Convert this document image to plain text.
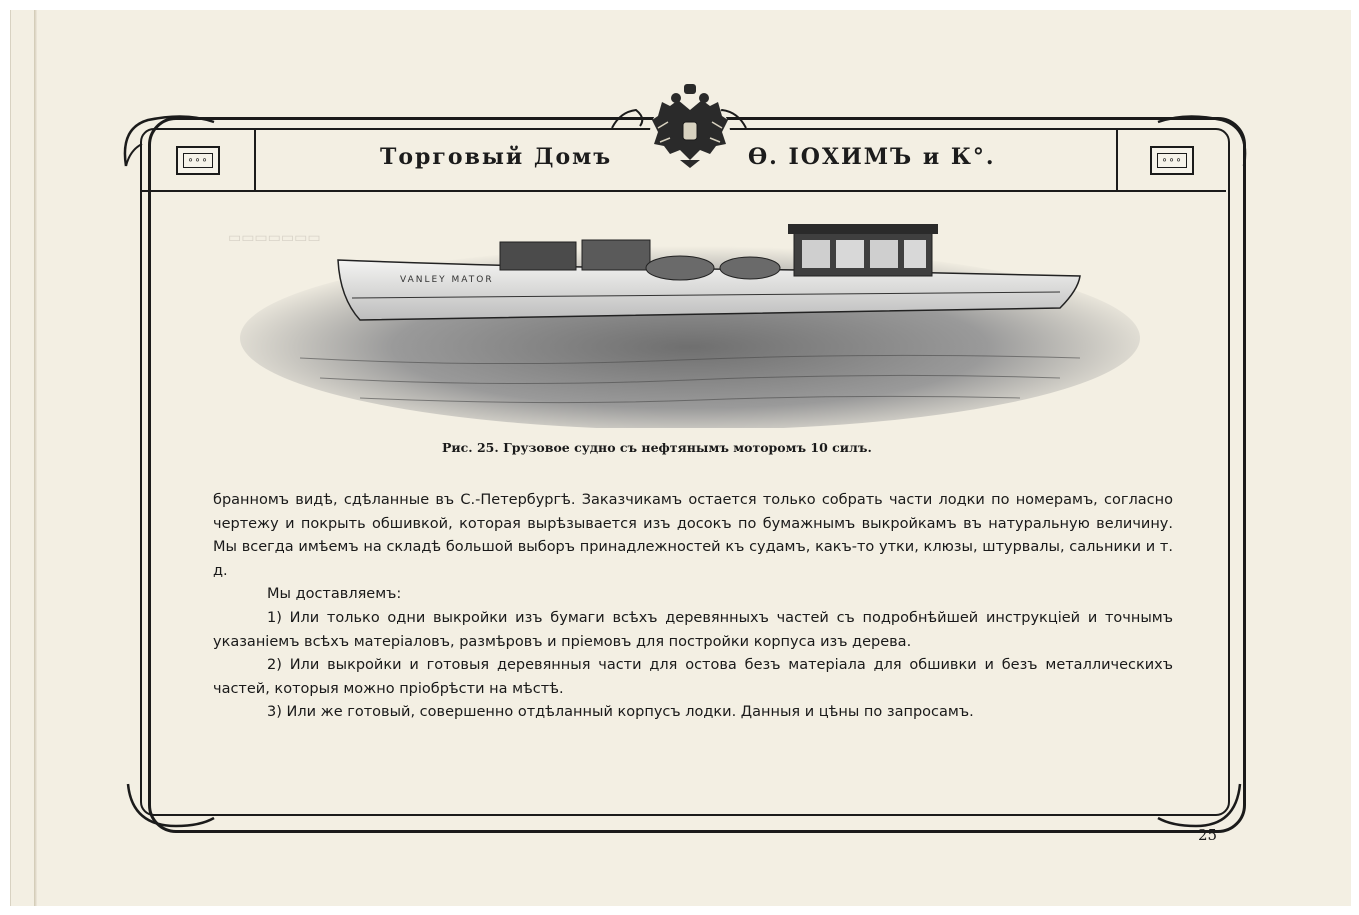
▭▭▭▭▭▭▭
∘∘∘	∘∘∘
Торговый Домъ	Ѳ. IОХИМЪ и К°.
VANLEY MATOR
Рис. 25. Грузовое судно съ нефтянымъ моторомъ 10 силъ.

бранномъ видѣ, сдѣланные въ С.-Петербургѣ. Заказчикамъ остается только собрать части лодки по номерамъ, согласно чертежу и покрыть обшивкой, которая вырѣзывается изъ досокъ по бумажнымъ выкройкамъ въ натуральную величину. Мы всегда имѣемъ на складѣ большой выборъ принадлежностей къ судамъ, какъ-то утки, клюзы, штурвалы, сальники и т. д.

Мы доставляемъ:

1) Или только одни выкройки изъ бумаги всѣхъ деревянныхъ частей съ подробнѣйшей инструкціей и точнымъ указаніемъ всѣхъ матеріаловъ, размѣровъ и пріемовъ для постройки корпуса изъ дерева.

2) Или выкройки и готовыя деревянныя части для остова безъ матеріала для обшивки и безъ металлическихъ частей, которыя можно пріобрѣсти на мѣстѣ.

3) Или же готовый, совершенно отдѣланный корпусъ лодки. Данныя и цѣны по запросамъ.

25
